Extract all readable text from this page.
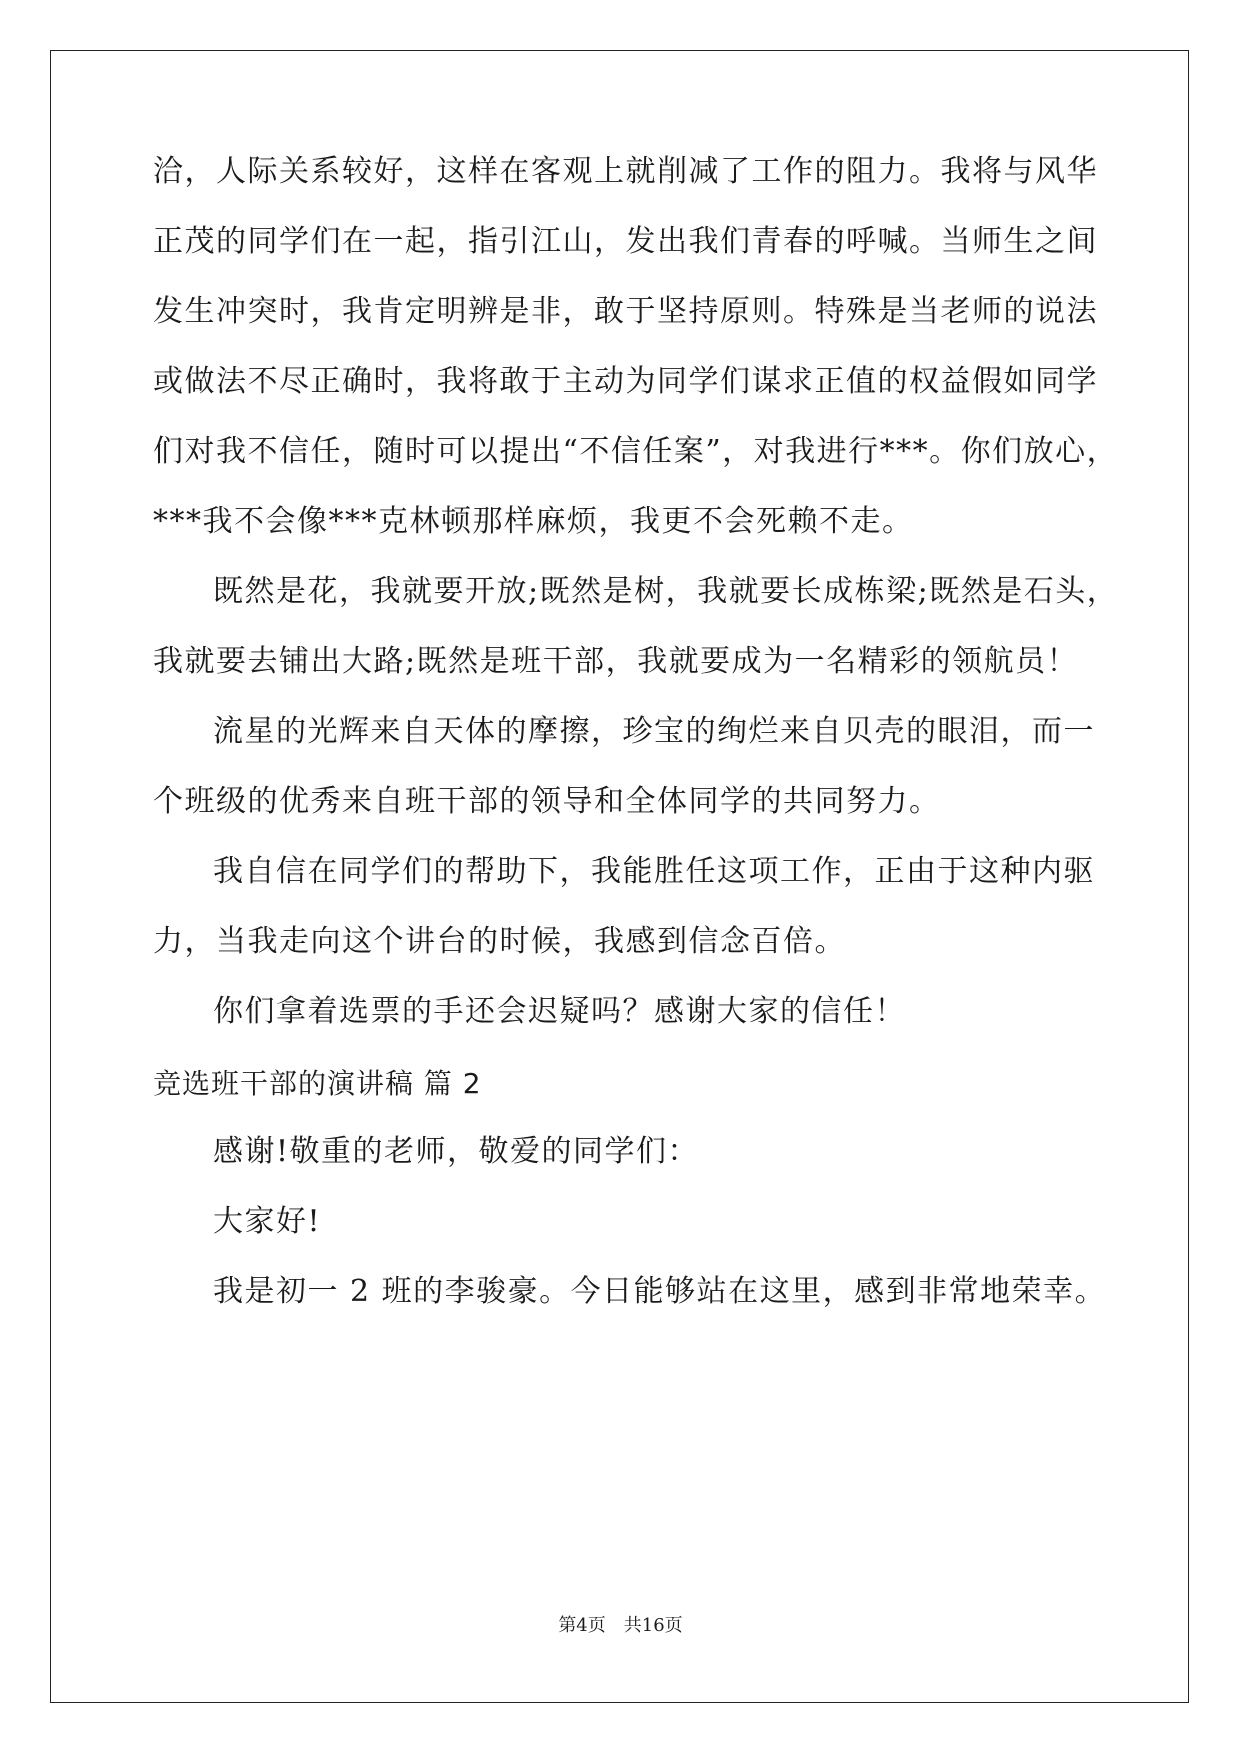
洽，人际关系较好，这样在客观上就削减了工作的阻力。我将与风华
正茂的同学们在一起，指引江山，发出我们青春的呼喊。当师生之间
发生冲突时，我肯定明辨是非，敢于坚持原则。特殊是当老师的说法
或做法不尽正确时，我将敢于主动为同学们谋求正值的权益假如同学
们对我不信任，随时可以提出“不信任案”，对我进行***。你们放心，
***我不会像***克林顿那样麻烦，我更不会死赖不走。
既然是花，我就要开放;既然是树，我就要长成栋梁;既然是石头，
我就要去铺出大路;既然是班干部，我就要成为一名精彩的领航员！
流星的光辉来自天体的摩擦，珍宝的绚烂来自贝壳的眼泪，而一
个班级的优秀来自班干部的领导和全体同学的共同努力。
我自信在同学们的帮助下，我能胜任这项工作，正由于这种内驱
力，当我走向这个讲台的时候，我感到信念百倍。
你们拿着选票的手还会迟疑吗？感谢大家的信任！
竞选班干部的演讲稿 篇 2
感谢!敬重的老师，敬爱的同学们：
大家好!
我是初一 2 班的李骏豪。今日能够站在这里，感到非常地荣幸。
第4页　共16页
